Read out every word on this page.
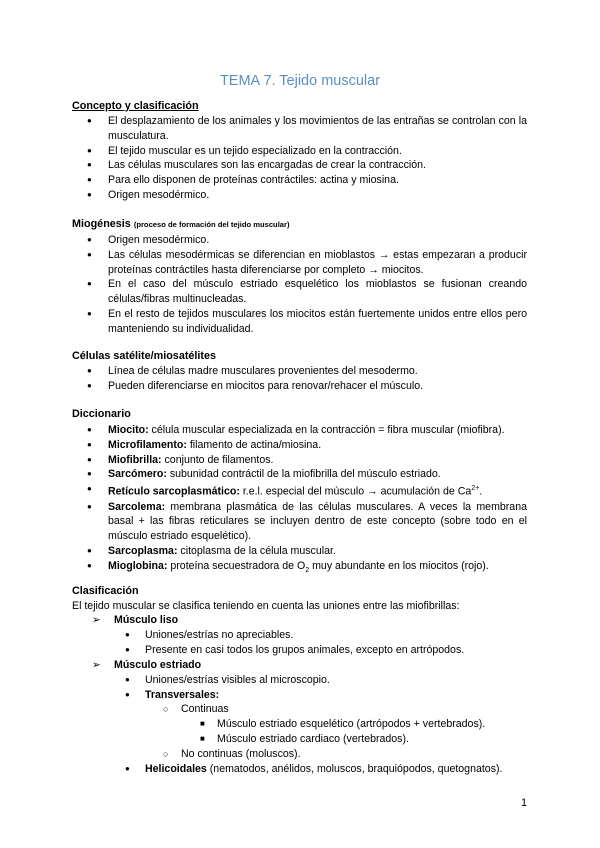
TEMA 7. Tejido muscular
Concepto y clasificación
● El desplazamiento de los animales y los movimientos de las entrañas se controlan con la musculatura.
● El tejido muscular es un tejido especializado en la contracción.
● Las células musculares son las encargadas de crear la contracción.
● Para ello disponen de proteínas contráctiles: actina y miosina.
● Origen mesodérmico.
Miogénesis (proceso de formación del tejido muscular)
● Origen mesodérmico.
● Las células mesodérmicas se diferencian en mioblastos → estas empezaran a producir proteínas contráctiles hasta diferenciarse por completo → miocitos.
● En el caso del músculo estriado esquelético los mioblastos se fusionan creando células/fibras multinucleadas.
● En el resto de tejidos musculares los miocitos están fuertemente unidos entre ellos pero manteniendo su individualidad.
Células satélite/miosatélites
● Línea de células madre musculares provenientes del mesodermo.
● Pueden diferenciarse en miocitos para renovar/rehacer el músculo.
Diccionario
● Miocito: célula muscular especializada en la contracción = fibra muscular (miofibra).
● Microfilamento: filamento de actina/miosina.
● Miofibrilla: conjunto de filamentos.
● Sarcómero: subunidad contráctil de la miofibrilla del músculo estriado.
● Retículo sarcoplasmático: r.e.l. especial del músculo → acumulación de $Ca^{2+}$.
● Sarcolema: membrana plasmática de las células musculares. A veces la membrana basal + las fibras reticulares se incluyen dentro de este concepto (sobre todo en el músculo estriado esquelético).
● Sarcoplasma: citoplasma de la célula muscular.
● Mioglobina: proteína secuestradora de $O_2$ muy abundante en los miocitos (rojo).
Clasificación
El tejido muscular se clasifica teniendo en cuenta las uniones entre las miofibrillas:
➢ Músculo liso
● Uniones/estrías no apreciables.
● Presente en casi todos los grupos animales, excepto en artrópodos.
➢ Músculo estriado
● Uniones/estrías visibles al microscopio.
● Transversales:
○ Continuas
■ Músculo estriado esquelético (artrópodos + vertebrados).
■ Músculo estriado cardiaco (vertebrados).
○ No continuas (moluscos).
● Helicoidales (nematodos, anélidos, moluscos, braquiópodos, quetognatos).
1
